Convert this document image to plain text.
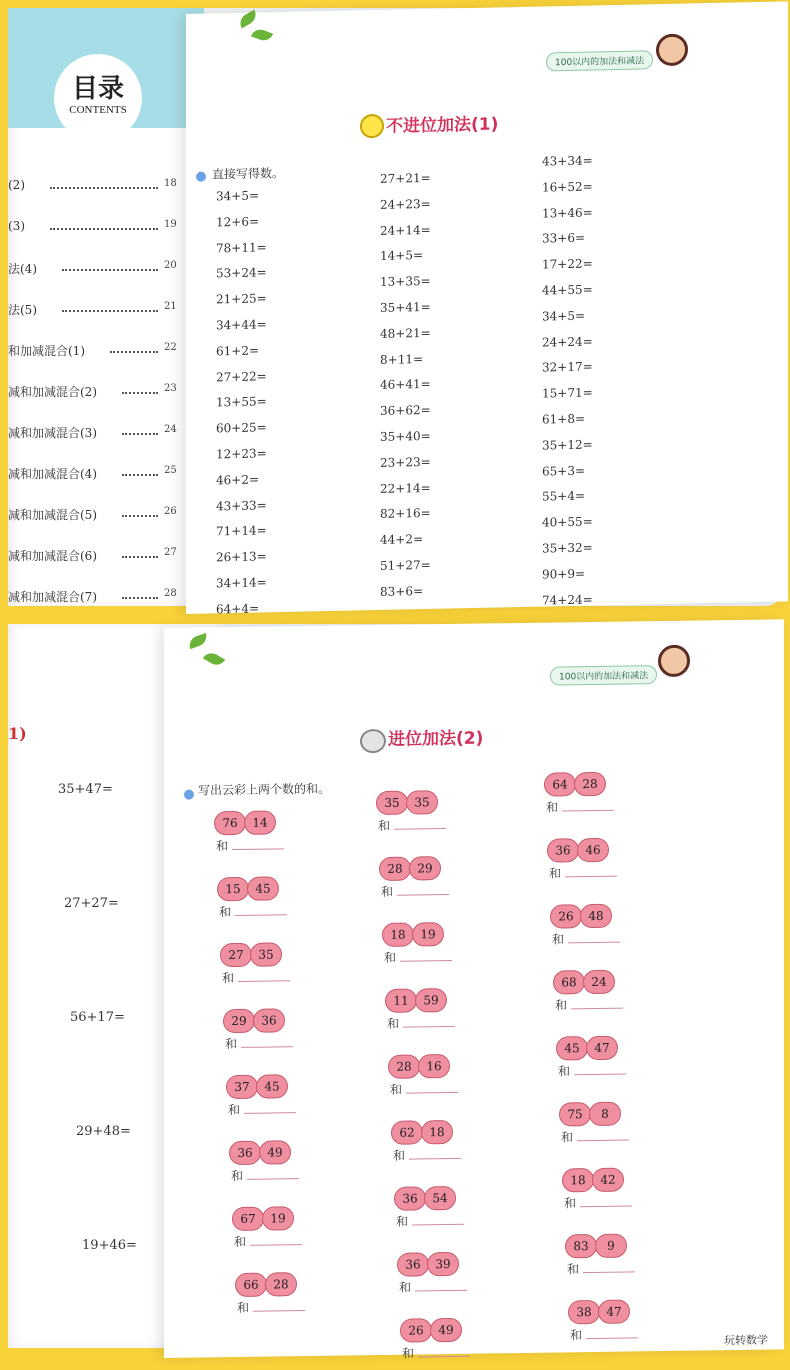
目录
CONTENTS
(2)	18
(3)	19
法(4)	20
法(5)	21
和加减混合(1)	22
减和加减混合(2)	23
减和加减混合(3)	24
减和加减混合(4)	25
减和加减混合(5)	26
减和加减混合(6)	27
减和加减混合(7)	28
100以内的加法和减法
不进位加法(1)
直接写得数。
34+5=
12+6=
78+11=
53+24=
21+25=
34+44=
61+2=
27+22=
13+55=
60+25=
12+23=
46+2=
43+33=
71+14=
26+13=
34+14=
64+4=
27+21=
24+23=
24+14=
14+5=
13+35=
35+41=
48+21=
8+11=
46+41=
36+62=
35+40=
23+23=
22+14=
82+16=
44+2=
51+27=
83+6=
43+34=
16+52=
13+46=
33+6=
17+22=
44+55=
34+5=
24+24=
32+17=
15+71=
61+8=
35+12=
65+3=
55+4=
40+55=
35+32=
90+9=
74+24=
1)
35+47=
27+27=
56+17=
29+48=
19+46=
100以内的加法和减法
进位加法(2)
写出云彩上两个数的和。
76	14
和
15	45
和
27	35
和
29	36
和
37	45
和
36	49
和
67	19
和
66	28
和
35	35
和
28	29
和
18	19
和
11	59
和
28	16
和
62	18
和
36	54
和
36	39
和
26	49
和
64	28
和
36	46
和
26	48
和
68	24
和
45	47
和
75	8
和
18	42
和
83	9
和
38	47
和	玩转数学
